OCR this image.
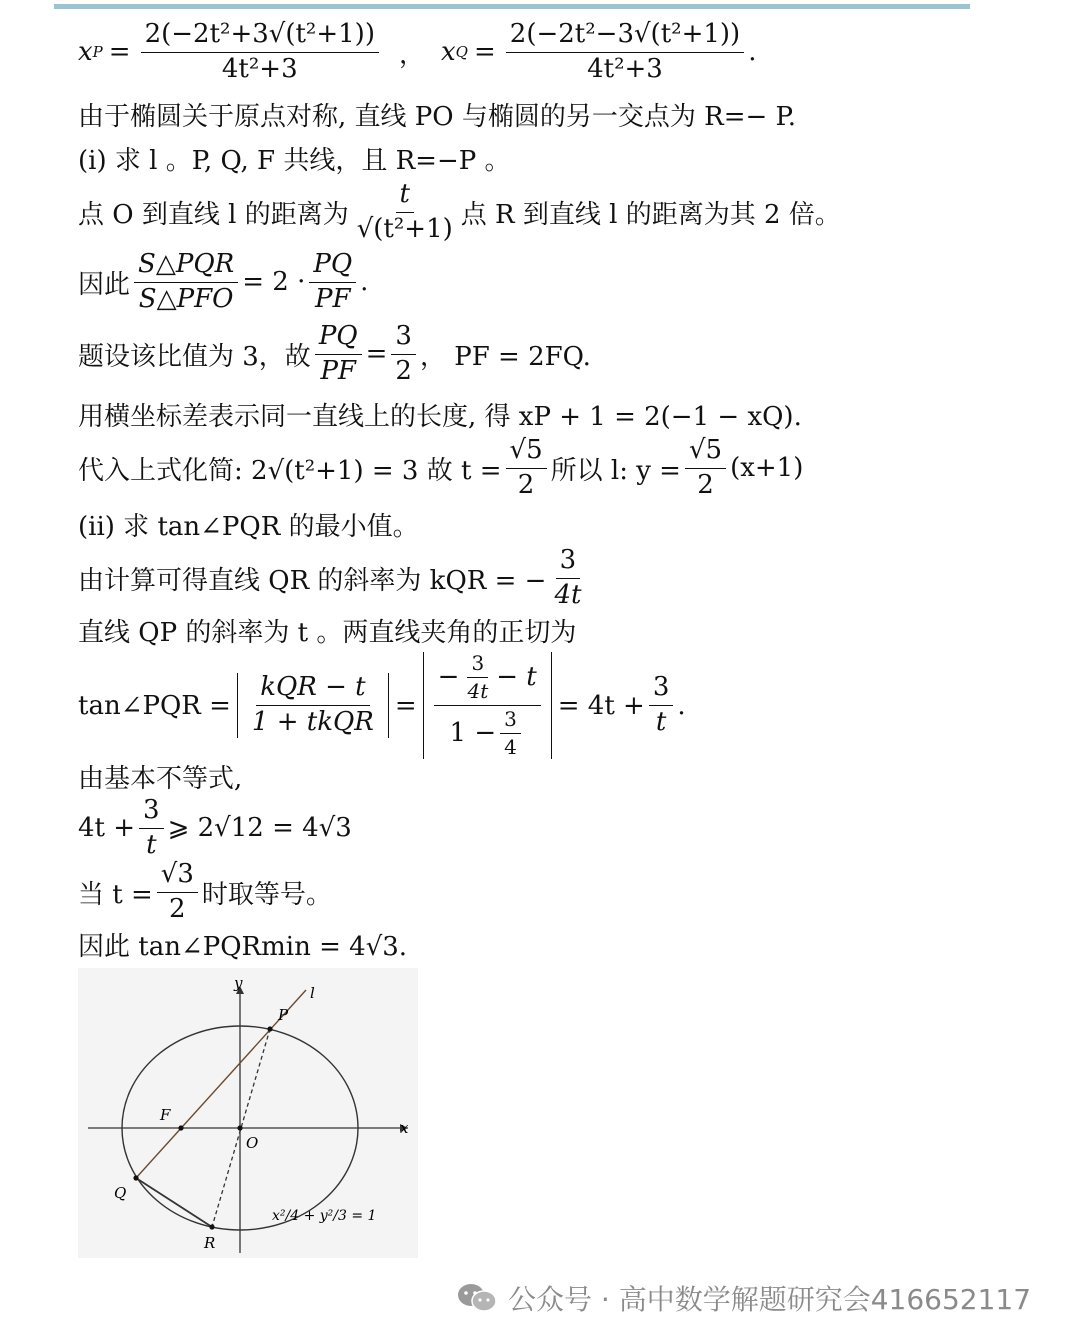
x $P = \frac{\text{2(−2t²+3√(t²+1))}}{\text{4t²+3}}$ ， x $Q = \frac{\text{2(−2t²−3√(t²+1))}}{\text{4t²+3}}$ .
由于椭圆关于原点对称, 直线 PO 与椭圆的另一交点为 R=− P.
(i) 求 l 。P, Q, F 共线，且 R=−P 。
点 O 到直线 l 的距离为 $\frac{t}{\text{√(t²+1)}}$ 点 R 到直线 l 的距离为其 2 倍。
因此 $\frac{\text{S△PQR}}{\text{S△PFO}} = 2 \cdot \frac{PQ}{PF}$ .
题设该比值为 3，故 $\frac{PQ}{PF} = \frac{3}{2}$ ， PF = 2FQ.
用横坐标差表示同一直线上的长度, 得 xP + 1 = 2(−1 − xQ).
代入上式化简: 2√(t²+1) = 3 故 $t = \frac{√5}{2}$ 所以 l: $y = \frac{√5}{2} (x+1)$
(ii) 求 tan∠PQR 的最小值。
由计算可得直线 QR 的斜率为 kQR = − $\frac{3}{4t}$
直线 QP 的斜率为 t 。两直线夹角的正切为
tan∠PQR = $\frac{\text{kQR − t}}{\text{1 + tkQR}} = \frac{- \frac{3}{4t} - t}{1 - \frac{3}{4}} = 4t + \frac{3}{t}$ .
由基本不等式,
$4t + \frac{3}{t}$ ⩾ 2√12 = 4√3
当 $t = \frac{√3}{2}$ 时取等号。
因此 tan∠PQRmin = 4√3.
y
x
l
P
F
O
Q
R
x²/4 + y²/3 = 1
公众号 · 高中数学解题研究会416652117
